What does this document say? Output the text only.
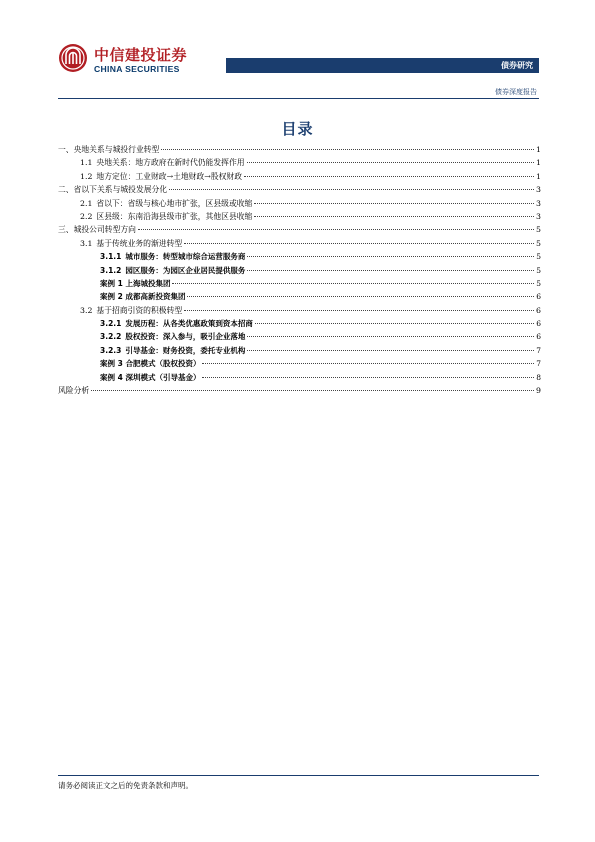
中信建投证券
CHINA SECURITIES	债券研究
债券深度报告
目录
一、央地关系与城投行业转型	1
1.1 央地关系：地方政府在新时代仍能发挥作用	1
1.2 地方定位：工业财政→土地财政→股权财政	1
二、省以下关系与城投发展分化	3
2.1 省以下：省级与核心地市扩张，区县级或收缩	3
2.2 区县级：东南沿海县级市扩张，其他区县收缩	3
三、城投公司转型方向	5
3.1 基于传统业务的渐进转型	5
3.1.1 城市服务：转型城市综合运营服务商	5
3.1.2 园区服务：为园区企业居民提供服务	5
案例 1 上海城投集团	5
案例 2 成都高新投资集团	6
3.2 基于招商引资的积极转型	6
3.2.1 发展历程：从各类优惠政策到资本招商	6
3.2.2 股权投资：深入参与，吸引企业落地	6
3.2.3 引导基金：财务投资，委托专业机构	7
案例 3 合肥模式（股权投资）	7
案例 4 深圳模式（引导基金）	8
风险分析	9
请务必阅读正文之后的免责条款和声明。
